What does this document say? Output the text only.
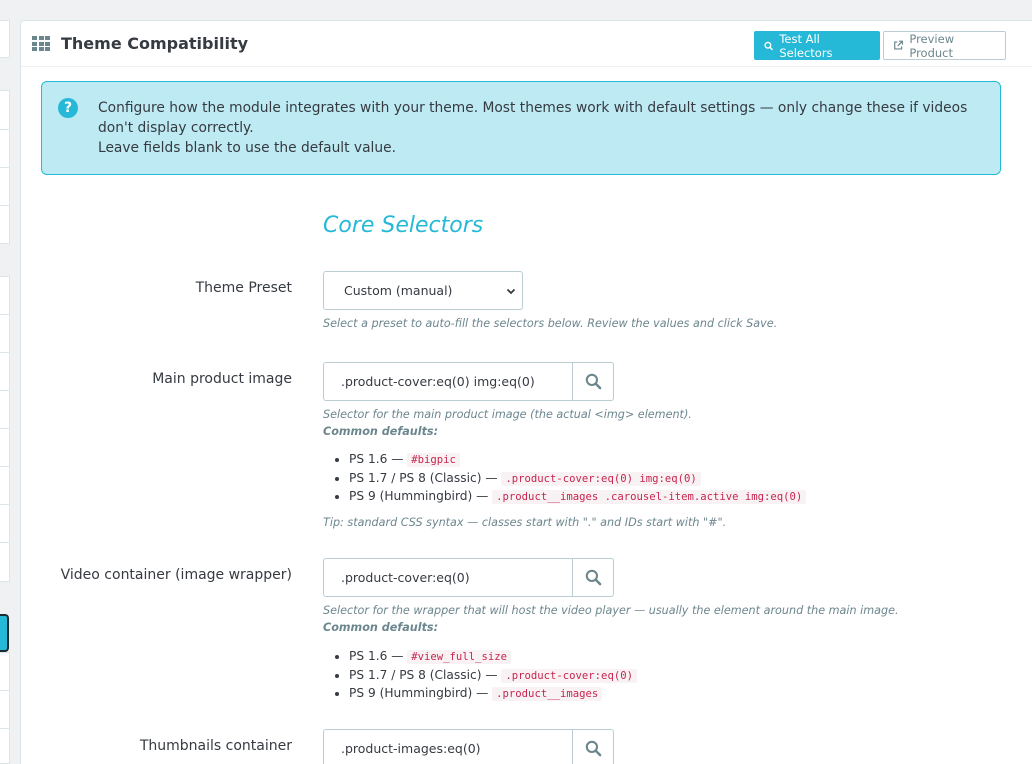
Theme Compatibility	Test All Selectors
Preview Product
?	Configure how the module integrates with your theme. Most themes work with default settings — only change these if videos don't display correctly.
Leave fields blank to use the default value.
Core Selectors
Theme Preset	Custom (manual)
Select a preset to auto-fill the selectors below. Review the values and click Save.
Main product image	.product-cover:eq(0) img:eq(0)
Selector for the main product image (the actual <img> element).
Common defaults:
• PS 1.6 — #bigpic
• PS 1.7 / PS 8 (Classic) — .product-cover:eq(0) img:eq(0)
• PS 9 (Hummingbird) — .product__images .carousel-item.active img:eq(0)
Tip: standard CSS syntax — classes start with "." and IDs start with "#".
Video container (image wrapper)	.product-cover:eq(0)
Selector for the wrapper that will host the video player — usually the element around the main image.
Common defaults:
• PS 1.6 — #view_full_size
• PS 1.7 / PS 8 (Classic) — .product-cover:eq(0)
• PS 9 (Hummingbird) — .product__images
Thumbnails container	.product-images:eq(0)
